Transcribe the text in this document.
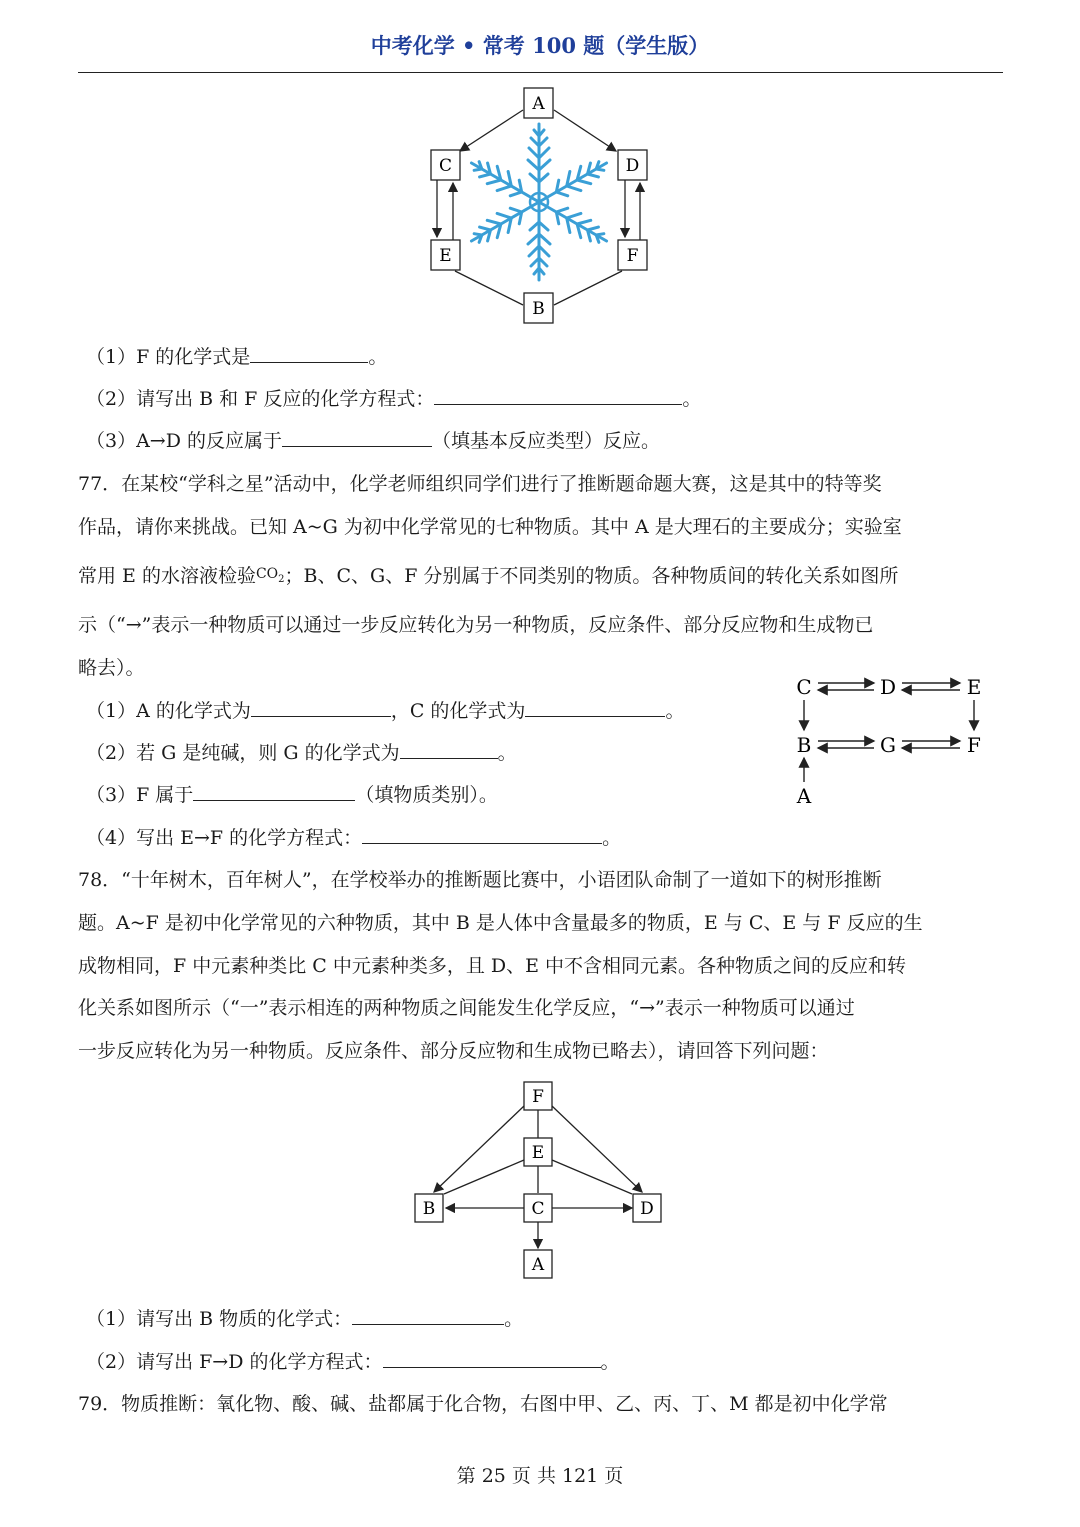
中考化学 • 常考 100 题（学生版）
A
C	D
E	F
B
（1）F 的化学式是	。
（2）请写出 B 和 F 反应的化学方程式：	。
（3）A→D 的反应属于	（填基本反应类型）反应。
77．在某校“学科之星”活动中，化学老师组织同学们进行了推断题命题大赛，这是其中的特等奖
作品，请你来挑战。已知 A~G 为初中化学常见的七种物质。其中 A 是大理石的主要成分；实验室
常用 E 的水溶液检验$^{CO_2}$；B、C、G、F 分别属于不同类别的物质。各种物质间的转化关系如图所
示（“→”表示一种物质可以通过一步反应转化为另一种物质，反应条件、部分反应物和生成物已
略去）。
（1）A 的化学式为	，C 的化学式为	。
（2）若 G 是纯碱，则 G 的化学式为	。
（3）F 属于	（填物质类别）。
（4）写出 E→F 的化学方程式：	。
C	D	E
B	G	F
A
78．“十年树木，百年树人”，在学校举办的推断题比赛中，小语团队命制了一道如下的树形推断
题。A~F 是初中化学常见的六种物质，其中 B 是人体中含量最多的物质，E 与 C、E 与 F 反应的生
成物相同，F 中元素种类比 C 中元素种类多，且 D、E 中不含相同元素。各种物质之间的反应和转
化关系如图所示（“一”表示相连的两种物质之间能发生化学反应，“→”表示一种物质可以通过
一步反应转化为另一种物质。反应条件、部分反应物和生成物已略去），请回答下列问题：
F
E
B	C	D
A
（1）请写出 B 物质的化学式：	。
（2）请写出 F→D 的化学方程式：	。
79．物质推断：氧化物、酸、碱、盐都属于化合物，右图中甲、乙、丙、丁、M 都是初中化学常
第 25 页 共 121 页
